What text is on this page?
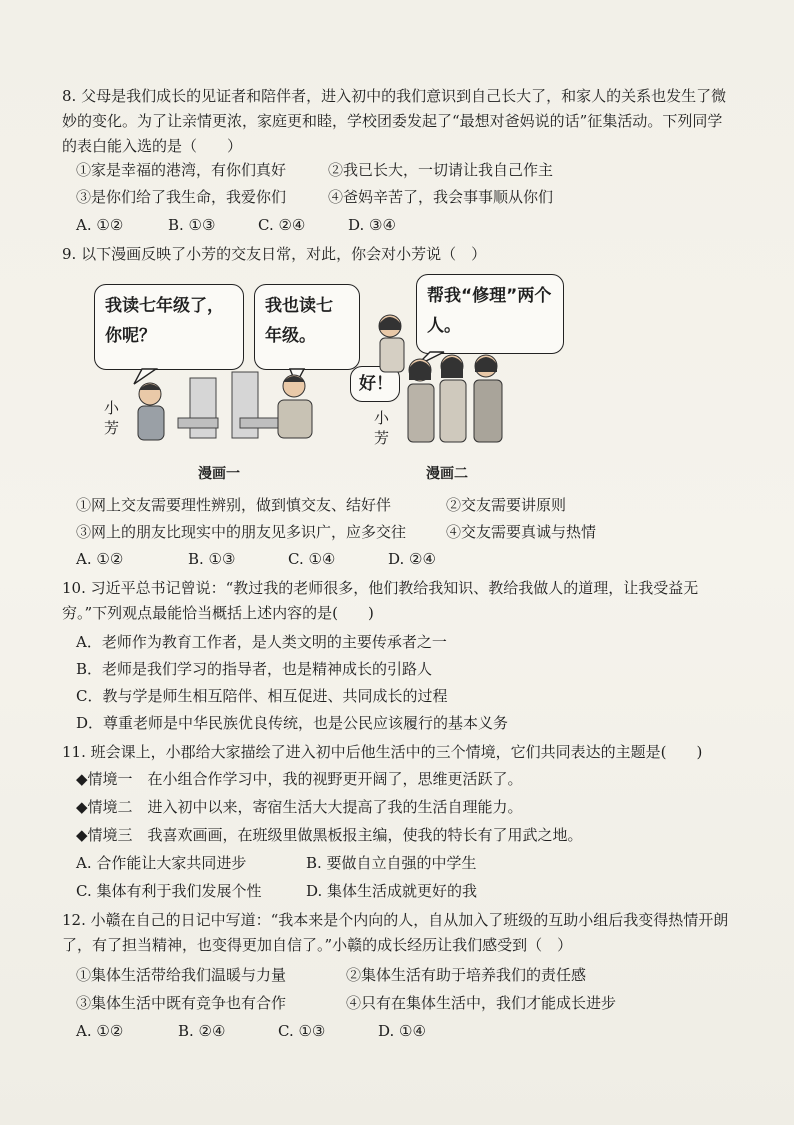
8. 父母是我们成长的见证者和陪伴者，进入初中的我们意识到自己长大了，和家人的关系也发生了微妙的变化。为了让亲情更浓，家庭更和睦，学校团委发起了“最想对爸妈说的话”征集活动。下列同学的表白能入选的是（　　）

①家是幸福的港湾，有你们真好	②我已长大，一切请让我自己作主
③是你们给了我生命，我爱你们	④爸妈辛苦了，我会事事顺从你们
A. ①②	B. ①③	C. ②④	D. ③④

9. 以下漫画反映了小芳的交友日常，对此，你会对小芳说（　）

我读七年级了，你呢？
我也读七年级。
帮我“修理”两个人。
好！
小芳
小芳
漫画一	漫画二
①网上交友需要理性辨别，做到慎交友、结好伴	②交友需要讲原则
③网上的朋友比现实中的朋友见多识广，应多交往	④交友需要真诚与热情
A. ①②	B. ①③	C. ①④	D. ②④

10. 习近平总书记曾说：“教过我的老师很多，他们教给我知识、教给我做人的道理，让我受益无穷。”下列观点最能恰当概括上述内容的是(　　)

A．老师作为教育工作者，是人类文明的主要传承者之一
B．老师是我们学习的指导者，也是精神成长的引路人
C．教与学是师生相互陪伴、相互促进、共同成长的过程
D．尊重老师是中华民族优良传统，也是公民应该履行的基本义务

11. 班会课上，小郡给大家描绘了进入初中后他生活中的三个情境，它们共同表达的主题是(　　)

◆情境一　在小组合作学习中，我的视野更开阔了，思维更活跃了。
◆情境二　进入初中以来，寄宿生活大大提高了我的生活自理能力。
◆情境三　我喜欢画画，在班级里做黑板报主编，使我的特长有了用武之地。
A. 合作能让大家共同进步	B. 要做自立自强的中学生
C. 集体有利于我们发展个性	D. 集体生活成就更好的我

12. 小赣在自己的日记中写道：“我本来是个内向的人，自从加入了班级的互助小组后我变得热情开朗了，有了担当精神，也变得更加自信了。”小赣的成长经历让我们感受到（　）

①集体生活带给我们温暖与力量	②集体生活有助于培养我们的责任感
③集体生活中既有竞争也有合作	④只有在集体生活中，我们才能成长进步
A. ①②	B. ②④	C. ①③	D. ①④
